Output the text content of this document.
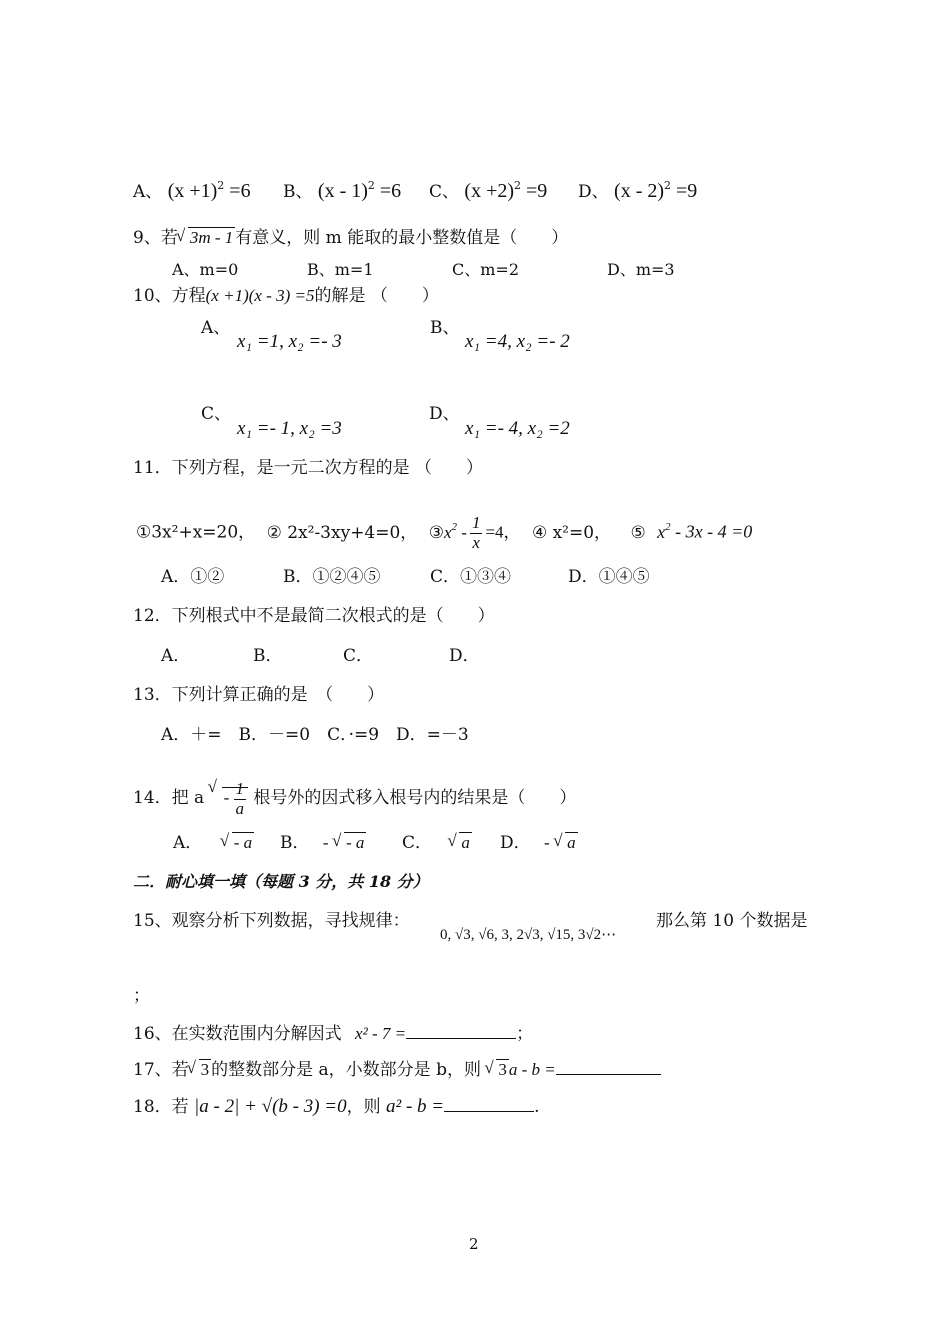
A、 $(x +1)^2 =6$ B、 (x - 1)$^2$ =6 C、 $(x +2)^2 =9$ D、 (x - 2)$^2$ =9
9、若 √ 3m - 1 有意义，则 m 能取的最小整数值是（　　）
A、m=0	B、m=1	C、m=2	D、m=3
10、方程(x +1)(x - 3) =5的解是 （　　）
A、
x₁ =1, x₂ =- 3
B、
x₁ =4, x₂ =- 2
C、
x₁ =- 1, x₂ =3
D、
x₁ =- 4, x₂ =2
11．下列方程，是一元二次方程的是 （　　）
①3x²+x=20， ② 2x²-3xy+4=0， $③x^2 - \frac{1}{x} =4$， ④ x²=0， ⑤ $x^2 - 3x - 4 =0$
A．①②	B．①②④⑤	C．①③④	D．①④⑤
12．下列根式中不是最简二次根式的是（　　）
A．	B．	C．	D．
13．下列计算正确的是　（　　）
A．＋=　B．－=0　C．·=9　D．=－3
14．把 a √ - $\frac{1}{a}$ 根号外的因式移入根号内的结果是（　　）
A． √ - a B． - √ - a C． √ a D． - √ a
二．耐心填一填（每题 3 分，共 18 分）
15、观察分析下列数据，寻找规律：
0, √3, √6, 3, 2√3, √15, 3√2⋯
那么第 10 个数据是
；
16、在实数范围内分解因式 x² - 7 =	；
17、若 √ 3 的整数部分是 a，小数部分是 b，则 √ 3 a - b =
18．若 |a - 2| + √(b - 3) =0，则 a² - b =	.
2
